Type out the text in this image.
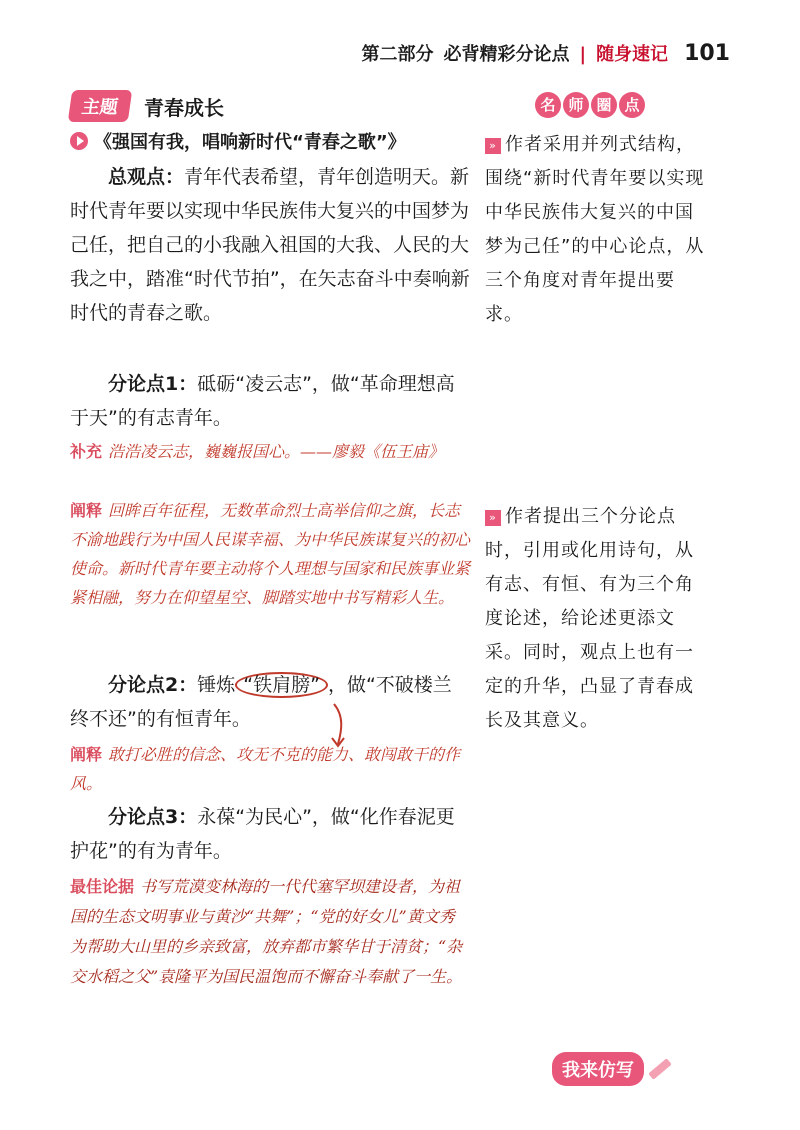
第二部分 必背精彩分论点 | 随身速记 101
主题	青春成长	名 师 圈 点
《强国有我，唱响新时代“青春之歌”》
总观点：青年代表希望，青年创造明天。新时代青年要以实现中华民族伟大复兴的中国梦为己任，把自己的小我融入祖国的大我、人民的大我之中，踏准“时代节拍”，在矢志奋斗中奏响新时代的青春之歌。
分论点1：砥砺“凌云志”，做“革命理想高于天”的有志青年。
补充 浩浩凌云志，巍巍报国心。——廖毅《伍王庙》
阐释 回眸百年征程，无数革命烈士高举信仰之旗，长志不渝地践行为中国人民谋幸福、为中华民族谋复兴的初心使命。新时代青年要主动将个人理想与国家和民族事业紧紧相融，努力在仰望星空、脚踏实地中书写精彩人生。
分论点2：锤炼 “铁肩膀” ，做“不破楼兰终不还”的有恒青年。
阐释 敢打必胜的信念、攻无不克的能力、敢闯敢干的作风。
分论点3：永葆“为民心”，做“化作春泥更护花”的有为青年。
最佳论据 书写荒漠变林海的一代代塞罕坝建设者，为祖国的生态文明事业与黄沙“共舞”；“党的好女儿”黄文秀为帮助大山里的乡亲致富，放弃都市繁华甘于清贫；“杂交水稻之父”袁隆平为国民温饱而不懈奋斗奉献了一生。
» 作者采用并列式结构，围绕“新时代青年要以实现中华民族伟大复兴的中国梦为己任”的中心论点，从三个角度对青年提出要求。
» 作者提出三个分论点时，引用或化用诗句，从有志、有恒、有为三个角度论述，给论述更添文采。同时，观点上也有一定的升华，凸显了青春成长及其意义。
我来仿写
